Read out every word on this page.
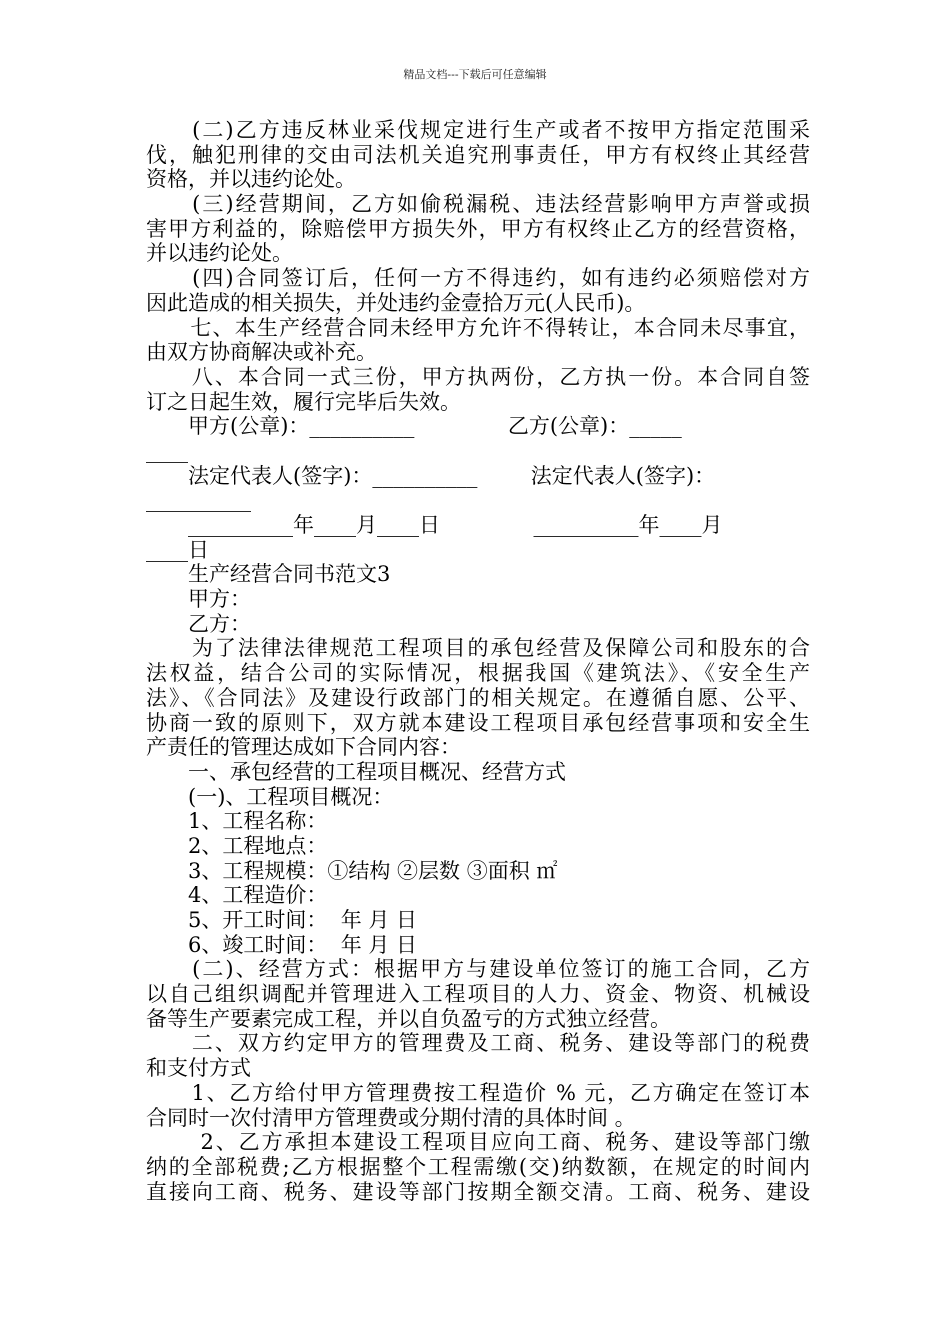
精品文档---下载后可任意编辑
　　(二)乙方违反林业采伐规定进行生产或者不按甲方指定范围采
伐，触犯刑律的交由司法机关追究刑事责任，甲方有权终止其经营
资格，并以违约论处。
　　(三)经营期间，乙方如偷税漏税、违法经营影响甲方声誉或损
害甲方利益的，除赔偿甲方损失外，甲方有权终止乙方的经营资格，
并以违约论处。
　　(四)合同签订后，任何一方不得违约，如有违约必须赔偿对方
因此造成的相关损失，并处违约金壹拾万元(人民币)。
　　七、本生产经营合同未经甲方允许不得转让，本合同未尽事宜，
由双方协商解决或补充。
　　八、本合同一式三份，甲方执两份，乙方执一份。本合同自签
订之日起生效，履行完毕后失效。
　　甲方(公章)：__________              乙方(公章)：_____
____
　　法定代表人(签字)：__________        法定代表人(签字)：
__________
　　__________年____月____日              __________年____月
____日
　　生产经营合同书范文3
　　甲方：
　　乙方：
　　为了法律法律规范工程项目的承包经营及保障公司和股东的合
法权益，结合公司的实际情况，根据我国《建筑法》、《安全生产
法》、《合同法》及建设行政部门的相关规定。在遵循自愿、公平、
协商一致的原则下，双方就本建设工程项目承包经营事项和安全生
产责任的管理达成如下合同内容：
　　一、承包经营的工程项目概况、经营方式
　　(一)、工程项目概况：
　　1、工程名称：
　　2、工程地点：
　　3、工程规模：①结构 ②层数 ③面积 ㎡
　　4、工程造价：
　　5、开工时间：  年 月 日
　　6、竣工时间：  年 月 日
　　(二)、经营方式：根据甲方与建设单位签订的施工合同，乙方
以自己组织调配并管理进入工程项目的人力、资金、物资、机械设
备等生产要素完成工程，并以自负盈亏的方式独立经营。
　　二、双方约定甲方的管理费及工商、税务、建设等部门的税费
和支付方式
　　1、乙方给付甲方管理费按工程造价 % 元，乙方确定在签订本
合同时一次付清甲方管理费或分期付清的具体时间 。
　　 2、乙方承担本建设工程项目应向工商、税务、建设等部门缴
纳的全部税费;乙方根据整个工程需缴(交)纳数额，在规定的时间内
直接向工商、税务、建设等部门按期全额交清。工商、税务、建设
